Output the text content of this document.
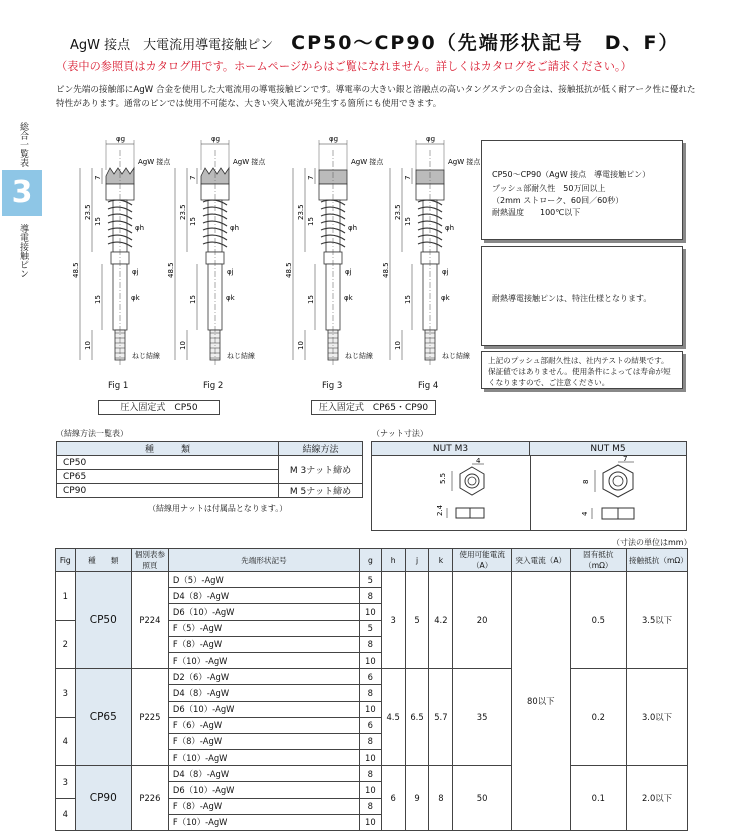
AgW 接点　大電流用導電接触ピン CP50～CP90（先端形状記号　D、F）
（表中の参照頁はカタログ用です。ホームページからはご覧になれません。詳しくはカタログをご請求ください。）
ピン先端の接触部にAgW 合金を使用した大電流用の導電接触ピンです。導電率の大きい銀と溶融点の高いタングステンの合金は、接触抵抗が低く耐アーク性に優れた特性があります。通常のピンでは使用不可能な、大きい突入電流が発生する箇所にも使用できます。
総合一覧表
3
導電接触ピン
φg
AgW 接点
φh
φj
φk
ねじ結線
7
23.5
15
48.5
15
10
φg
AgW 接点
φh
φj
φk
ねじ結線
7
23.5
15
48.5
15
10
φg
AgW 接点
φh
φj
φk
ねじ結線
7
23.5
15
48.5
15
10
φg
AgW 接点
φh
φj
φk
ねじ結線
7
23.5
15
48.5
15
10
Fig 1	Fig 2	Fig 3	Fig 4
圧入固定式　CP50	圧入固定式　CP65・CP90
CP50～CP90（AgW 接点　導電接触ピン）
プッシュ部耐久性　50万回以上
（2mm ストローク、60回／60秒）
耐熱温度　　100℃以下
耐熱導電接触ピンは、特注仕様となります。
上記のプッシュ部耐久性は、社内テストの結果です。保証値ではありません。使用条件によっては寿命が短くなりますので、ご注意ください。
（結線方法一覧表）
種　　　類	結線方法
CP50	M 3ナット締め
CP65	
CP90	M 5ナット締め
（結線用ナットは付属品となります。）
（ナット寸法）
NUT M3	NUT M5
4
5.5
2.4
7
8
4
（寸法の単位はmm）
Fig	種　　類	個別表参照頁	先端形状記号	g	h	j	k	使用可能電流（A）	突入電流（A）	固有抵抗（mΩ）	接触抵抗（mΩ）
1	CP50	P224	D（5）-AgW	5	3	5	4.2	20	80以下	0.5	3.5以下
			D4（8）-AgW	8							
			D6（10）-AgW	10							
2			F（5）-AgW	5							
			F（8）-AgW	8							
			F（10）-AgW	10							
3	CP65	P225	D2（6）-AgW	6	4.5	6.5	5.7	35		0.2	3.0以下
			D4（8）-AgW	8							
			D6（10）-AgW	10							
4			F（6）-AgW	6							
			F（8）-AgW	8							
			F（10）-AgW	10							
3	CP90	P226	D4（8）-AgW	8	6	9	8	50		0.1	2.0以下
			D6（10）-AgW	10							
4			F（8）-AgW	8							
			F（10）-AgW	10							
